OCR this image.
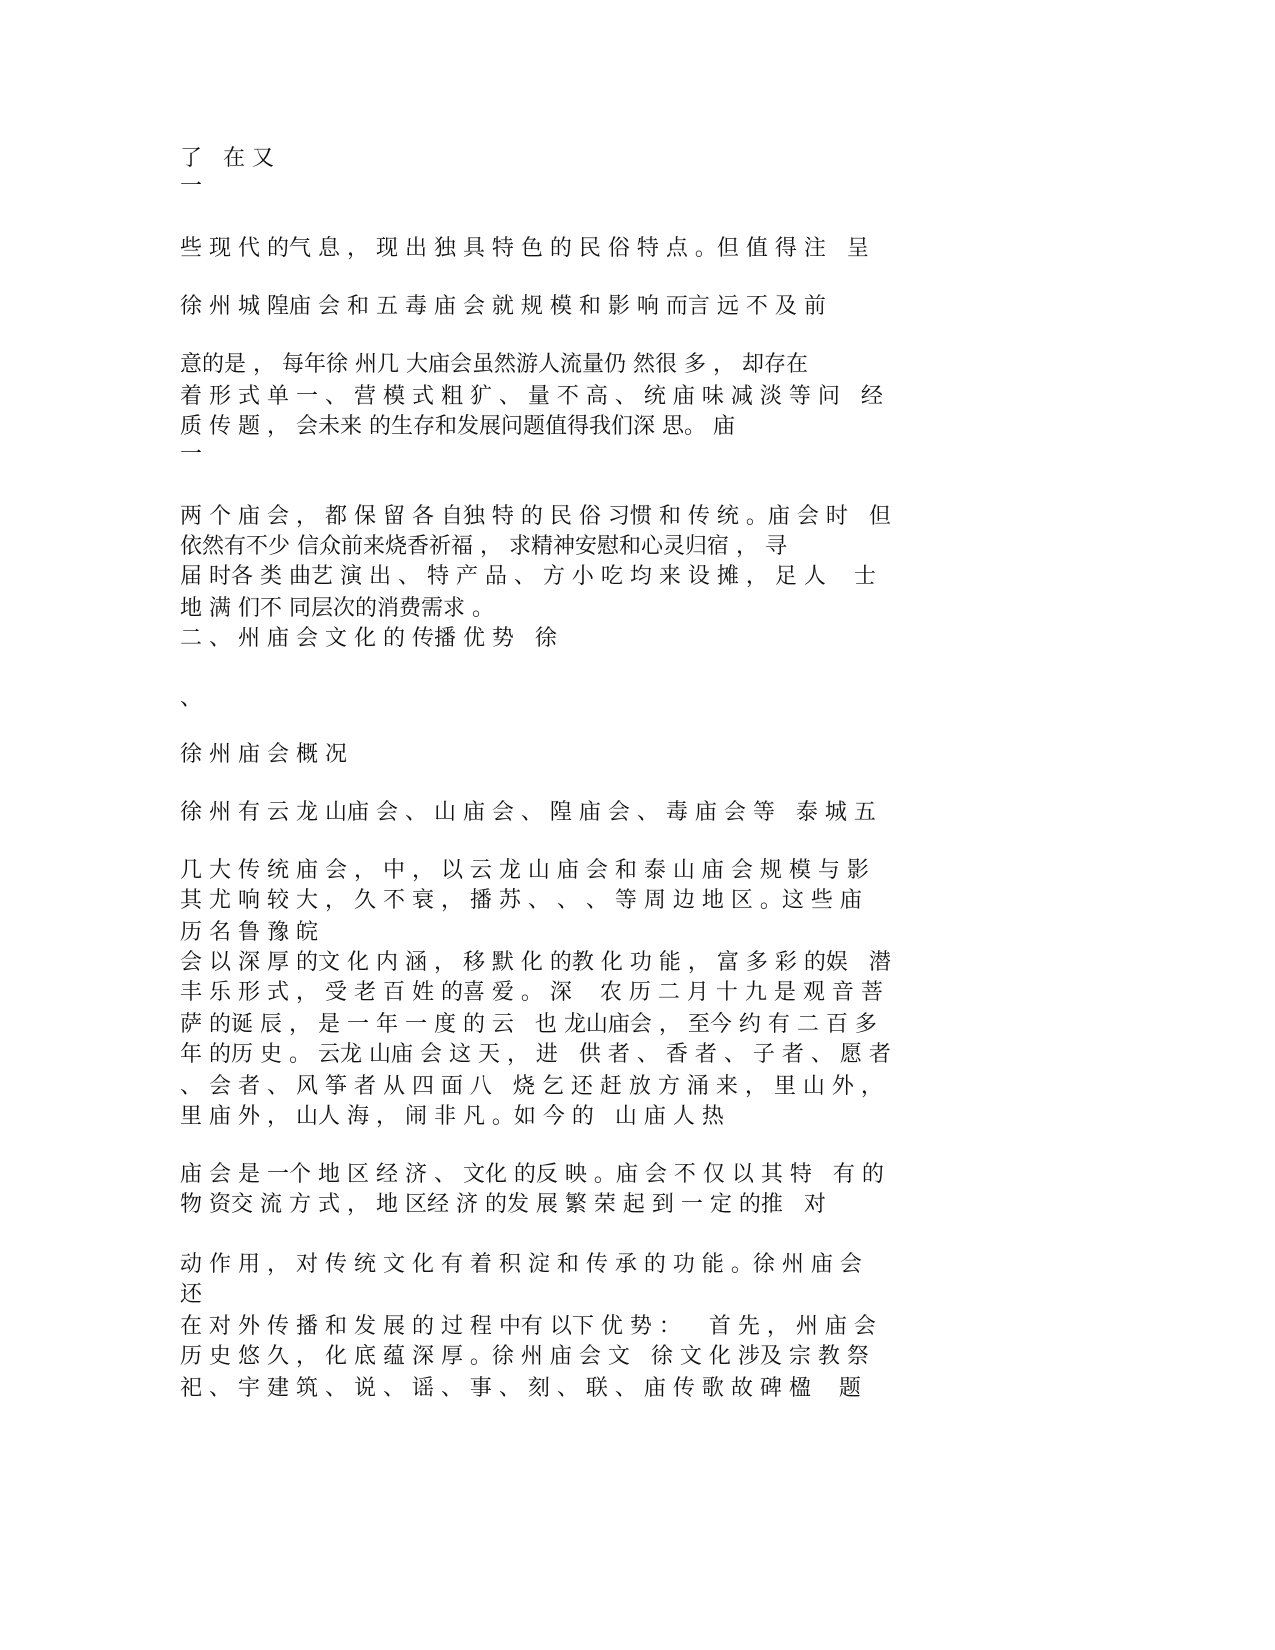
了   在 又
一
些 现 代 的气 息 ， 现 出 独 具 特 色 的 民 俗 特 点 。但 值 得 注   呈
徐 州 城 隍庙 会 和 五 毒 庙 会 就 规 模 和 影 响 而言 远 不 及 前
意的是 ， 每年徐 州几 大庙会虽然游人流量仍 然很 多 ， 却存在
着 形 式 单 一 、 营 模 式 粗 犷 、 量 不 高 、 统 庙 味 减 淡 等 问   经
质 传 题 ， 会未来 的生存和发展问题值得我们深 思。 庙
一
两 个 庙 会 ， 都 保 留 各 自独 特 的 民 俗 习惯 和 传 统 。庙 会 时   但
依然有不少 信众前来烧香祈福 ， 求精神安慰和心灵归宿 ， 寻
届 时各 类 曲艺 演 出 、 特 产 品 、 方 小 吃 均 来 设 摊 ， 足 人    士
地 满 们不 同层次的消费需求 。
二 、 州 庙 会 文 化 的 传播 优 势   徐
、
徐 州 庙 会 概 况
徐 州 有 云 龙 山庙 会 、 山 庙 会 、 隍 庙 会 、 毒 庙 会 等   泰 城 五
几 大 传 统 庙 会 ， 中 ， 以 云 龙 山 庙 会 和 泰 山 庙 会 规 模 与 影
其 尤 响 较 大 ， 久 不 衰 ， 播 苏 、 、 、 等 周 边 地 区 。这 些 庙
历 名 鲁 豫 皖
会 以 深 厚 的文 化 内 涵 ， 移 默 化 的教 化 功 能 ， 富 多 彩 的娱   潜
丰 乐 形 式 ， 受 老 百 姓 的喜 爱 。 深    农 历 二 月 十 九 是 观 音 菩
萨 的诞 辰 ， 是 一 年 一 度 的 云   也 龙山庙会 ， 至今 约 有 二 百 多
年 的历 史 。 云龙 山庙 会 这 天 ， 进   供 者 、 香 者 、 子 者 、 愿 者
、 会 者 、 风 筝 者 从 四 面 八   烧 乞 还 赶 放 方 涌 来 ， 里 山 外 ，
里 庙 外 ， 山人 海 ， 闹 非 凡 。如 今 的   山 庙 人 热
庙 会 是 一个 地 区 经 济 、 文化 的反 映 。庙 会 不 仅 以 其 特   有 的
物 资交 流 方 式 ， 地 区经 济 的发 展 繁 荣 起 到 一 定 的推   对
动 作 用 ， 对 传 统 文 化 有 着 积 淀 和 传 承 的 功 能 。徐 州 庙 会
还
在 对 外 传 播 和 发 展 的 过 程 中有 以下 优 势 ：    首 先 ， 州 庙 会
历 史 悠 久 ， 化 底 蕴 深 厚 。徐 州 庙 会 文   徐 文 化 涉及 宗 教 祭
祀 、 宇 建 筑 、 说 、 谣 、 事 、 刻 、 联 、 庙 传 歌 故 碑 楹    题
